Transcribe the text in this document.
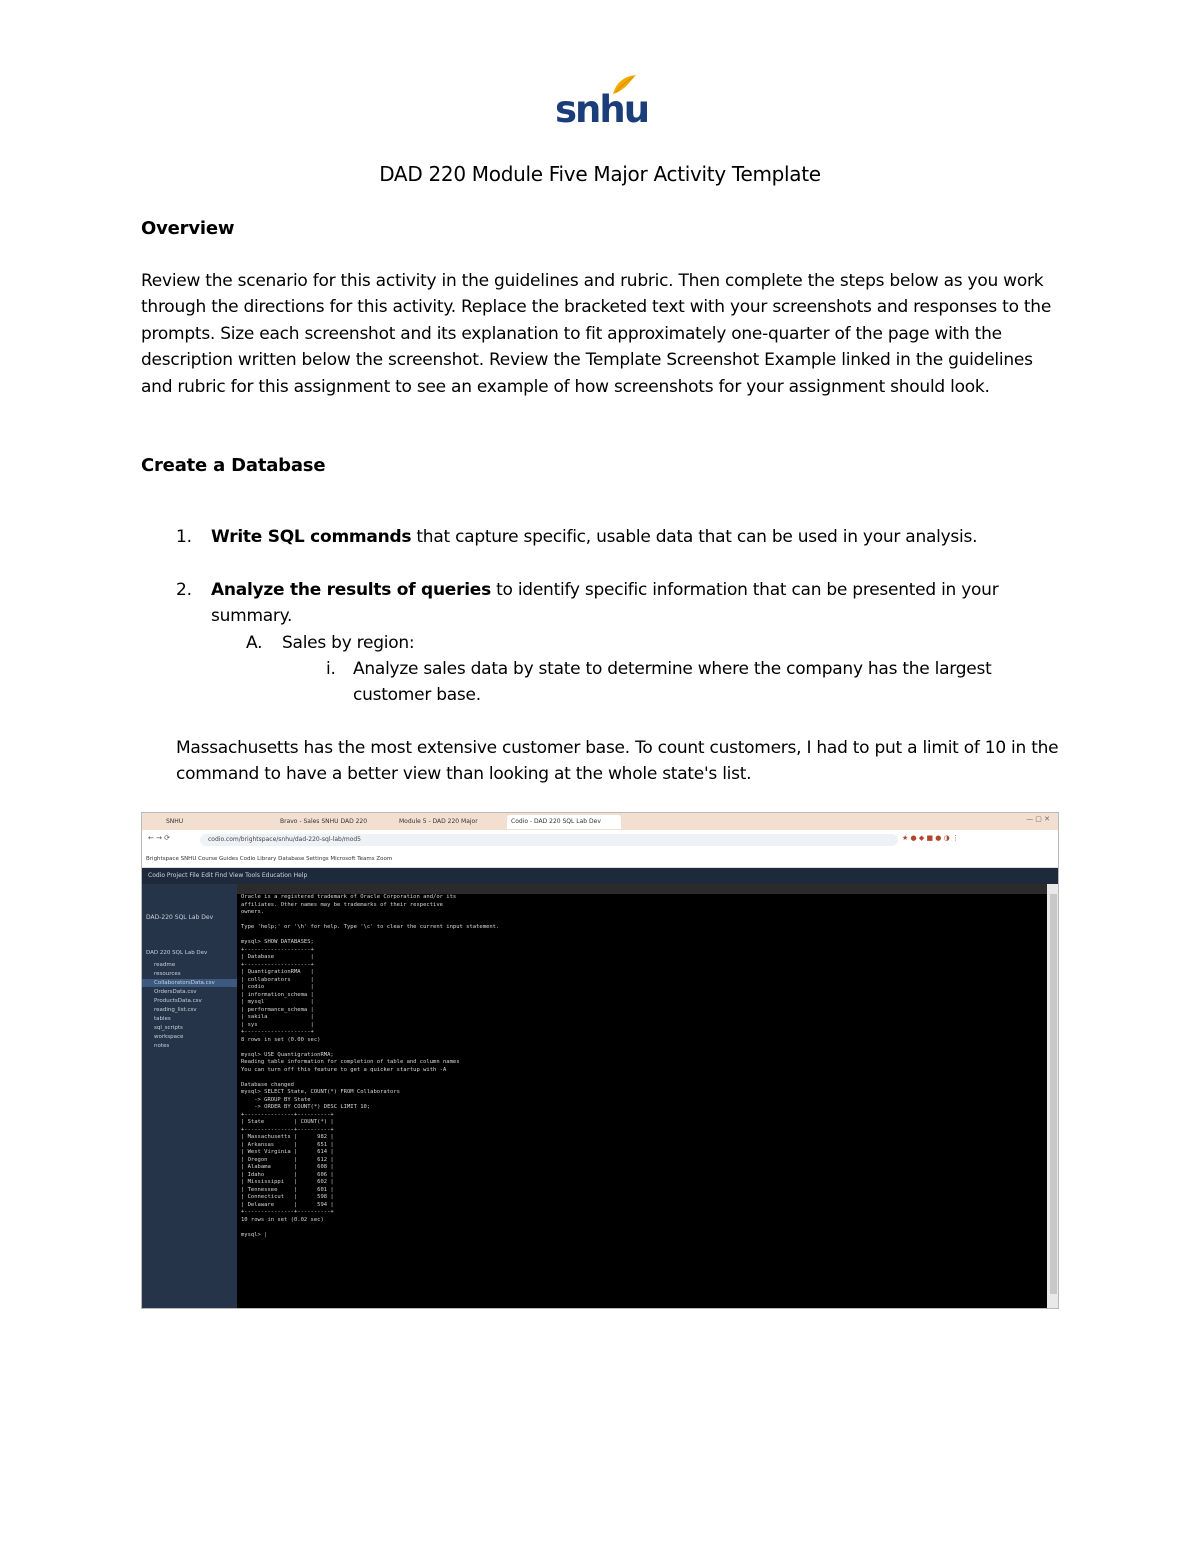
snhu
DAD 220 Module Five Major Activity Template
Overview

Review the scenario for this activity in the guidelines and rubric. Then complete the steps below as you work through the directions for this activity. Replace the bracketed text with your screenshots and responses to the prompts. Size each screenshot and its explanation to fit approximately one-quarter of the page with the description written below the screenshot. Review the Template Screenshot Example linked in the guidelines and rubric for this assignment to see an example of how screenshots for your assignment should look.

Create a Database
1. Write SQL commands that capture specific, usable data that can be used in your analysis.
2. Analyze the results of queries to identify specific information that can be presented in your summary.
A. Sales by region:
i. Analyze sales data by state to determine where the company has the largest customer base.

Massachusetts has the most extensive customer base. To count customers, I had to put a limit of 10 in the command to have a better view than looking at the whole state's list.

SNHU	Bravo - Sales SNHU DAD 220	Module 5 - DAD 220 Major	Codio - DAD 220 SQL Lab Dev	— ▢ ✕
← → ⟳	codio.com/brightspace/snhu/dad-220-sql-lab/mod5	★ ● ◆ ■ ● ◑ ⋮
Brightspace SNHU Course Guides Codio Library Database Settings Microsoft Teams Zoom
Codio Project File Edit Find View Tools Education Help
DAD-220 SQL Lab Dev
DAD 220 SQL Lab Dev
readme
resources
CollaboratorsData.csv
OrdersData.csv
ProductsData.csv
reading_list.csv
tables
sql_scripts
workspace
notes
Oracle is a registered trademark of Oracle Corporation and/or its
affiliates. Other names may be trademarks of their respective
owners.

Type 'help;' or '\h' for help. Type '\c' to clear the current input statement.

mysql> SHOW DATABASES;
+--------------------+
| Database           |
+--------------------+
| QuantigrationRMA   |
| collaborators      |
| codio              |
| information_schema |
| mysql              |
| performance_schema |
| sakila             |
| sys                |
+--------------------+
8 rows in set (0.00 sec)

mysql> USE QuantigrationRMA;
Reading table information for completion of table and column names
You can turn off this feature to get a quicker startup with -A

Database changed
mysql> SELECT State, COUNT(*) FROM Collaborators
-> GROUP BY State
-> ORDER BY COUNT(*) DESC LIMIT 10;
+---------------+----------+
| State         | COUNT(*) |
+---------------+----------+
| Massachusetts |      982 |
| Arkansas      |      651 |
| West Virginia |      614 |
| Oregon        |      612 |
| Alabama       |      608 |
| Idaho         |      606 |
| Mississippi   |      602 |
| Tennessee     |      601 |
| Connecticut   |      598 |
| Delaware      |      594 |
+---------------+----------+
10 rows in set (0.02 sec)

mysql> |
